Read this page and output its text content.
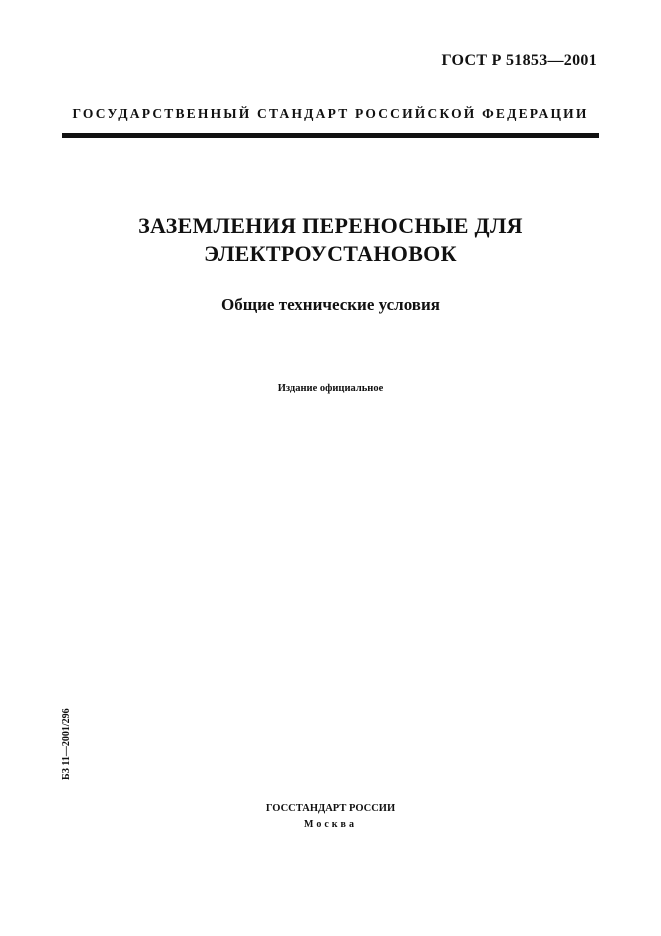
ГОСТ Р 51853—2001
ГОСУДАРСТВЕННЫЙ СТАНДАРТ РОССИЙСКОЙ ФЕДЕРАЦИИ
ЗАЗЕМЛЕНИЯ ПЕРЕНОСНЫЕ ДЛЯ
ЭЛЕКТРОУСТАНОВОК
Общие технические условия
Издание официальное
БЗ 11—2001/296
ГОССТАНДАРТ РОССИИ
Москва
